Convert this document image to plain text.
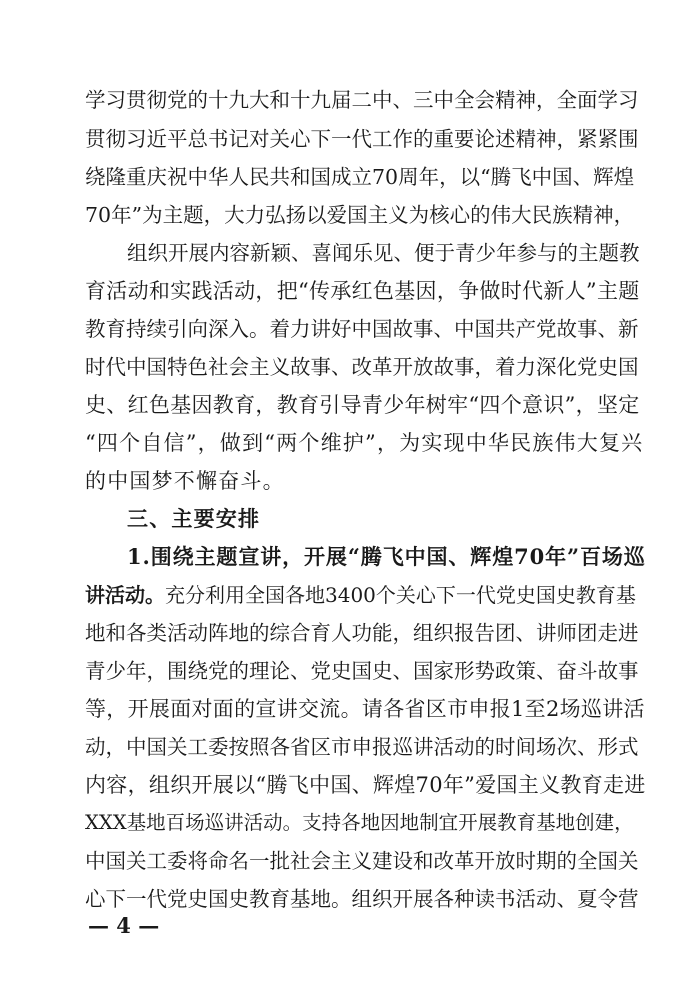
学习贯彻党的十九大和十九届二中、三中全会精神，全面学习
贯彻习近平总书记对关心下一代工作的重要论述精神，紧紧围
绕隆重庆祝中华人民共和国成立70周年，以“腾飞中国、辉煌
70年”为主题，大力弘扬以爱国主义为核心的伟大民族精神，
组织开展内容新颖、喜闻乐见、便于青少年参与的主题教
育活动和实践活动，把“传承红色基因，争做时代新人”主题
教育持续引向深入。着力讲好中国故事、中国共产党故事、新
时代中国特色社会主义故事、改革开放故事，着力深化党史国
史、红色基因教育，教育引导青少年树牢“四个意识”，坚定
“四个自信”，做到“两个维护”，为实现中华民族伟大复兴
的中国梦不懈奋斗。
三、主要安排
1.围绕主题宣讲，开展“腾飞中国、辉煌70年”百场巡
讲活动。充分利用全国各地3400个关心下一代党史国史教育基
地和各类活动阵地的综合育人功能，组织报告团、讲师团走进
青少年，围绕党的理论、党史国史、国家形势政策、奋斗故事
等，开展面对面的宣讲交流。请各省区市申报1至2场巡讲活
动，中国关工委按照各省区市申报巡讲活动的时间场次、形式
内容，组织开展以“腾飞中国、辉煌70年”爱国主义教育走进
XXX基地百场巡讲活动。支持各地因地制宜开展教育基地创建，
中国关工委将命名一批社会主义建设和改革开放时期的全国关
心下一代党史国史教育基地。组织开展各种读书活动、夏令营
— 4 —
